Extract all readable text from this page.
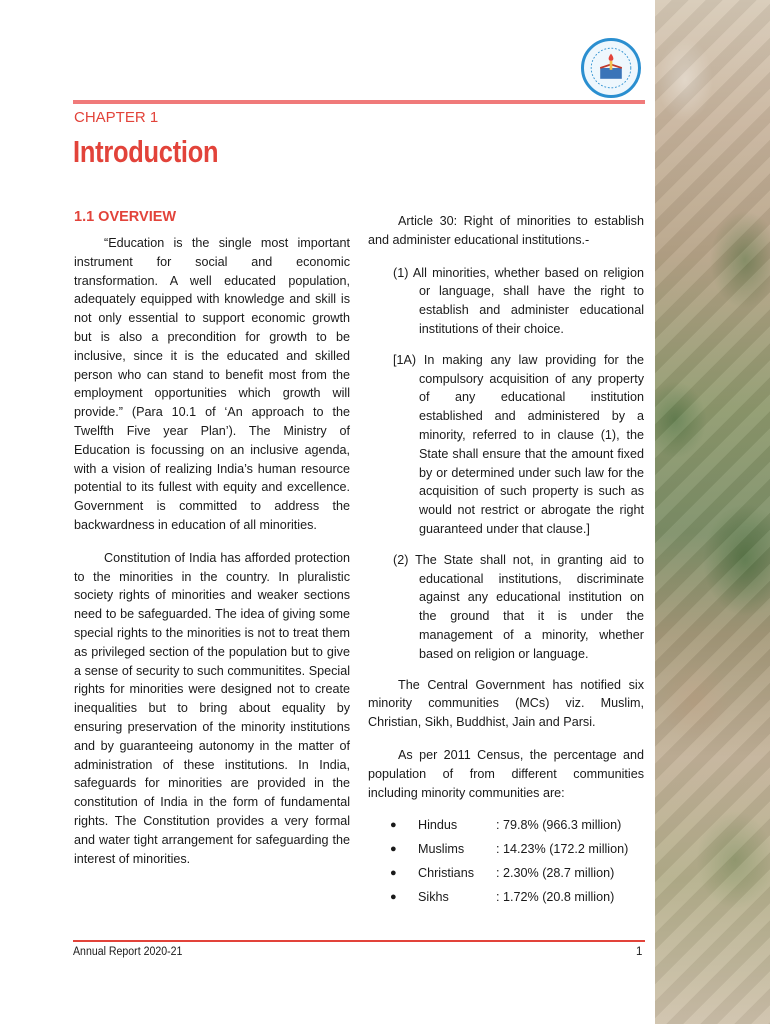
CHAPTER 1
Introduction
1.1 OVERVIEW

“Education is the single most important instrument for social and economic transformation. A well educated population, adequately equipped with knowledge and skill is not only essential to support economic growth but is also a precondition for growth to be inclusive, since it is the educated and skilled person who can stand to benefit most from the employment opportunities which growth will provide.” (Para 10.1 of ‘An approach to the Twelfth Five year Plan’). The Ministry of Education is focussing on an inclusive agenda, with a vision of realizing India’s human resource potential to its fullest with equity and excellence. Government is committed to address the backwardness in education of all minorities.

Constitution of India has afforded protection to the minorities in the country. In pluralistic society rights of minorities and weaker sections need to be safeguarded. The idea of giving some special rights to the minorities is not to treat them as privileged section of the population but to give a sense of security to such communitites. Special rights for minorities were designed not to create inequalities but to bring about equality by ensuring preservation of the minority institutions and by guaranteeing autonomy in the matter of administration of these institutions. In India, safeguards for minorities are provided in the constitution of India in the form of fundamental rights. The Constitution provides a very formal and water tight arrangement for safeguarding the interest of minorities.

Article 30: Right of minorities to establish and administer educational institutions.-

(1) All minorities, whether based on religion or language, shall have the right to establish and administer educational institutions of their choice.

[1A) In making any law providing for the compulsory acquisition of any property of any educational institution established and administered by a minority, referred to in clause (1), the State shall ensure that the amount fixed by or determined under such law for the acquisition of such property is such as would not restrict or abrogate the right guaranteed under that clause.]

(2) The State shall not, in granting aid to educational institutions, discriminate against any educational institution on the ground that it is under the management of a minority, whether based on religion or language.

The Central Government has notified six minority communities (MCs) viz. Muslim, Christian, Sikh, Buddhist, Jain and Parsi.

As per 2011 Census, the percentage and population of from different communities including minority communities are:

● Hindus	: 79.8% (966.3 million)
● Muslims	: 14.23% (172.2 million)
● Christians : 2.30% (28.7 million)
● Sikhs	: 1.72% (20.8 million)
Annual Report 2020-21	1
